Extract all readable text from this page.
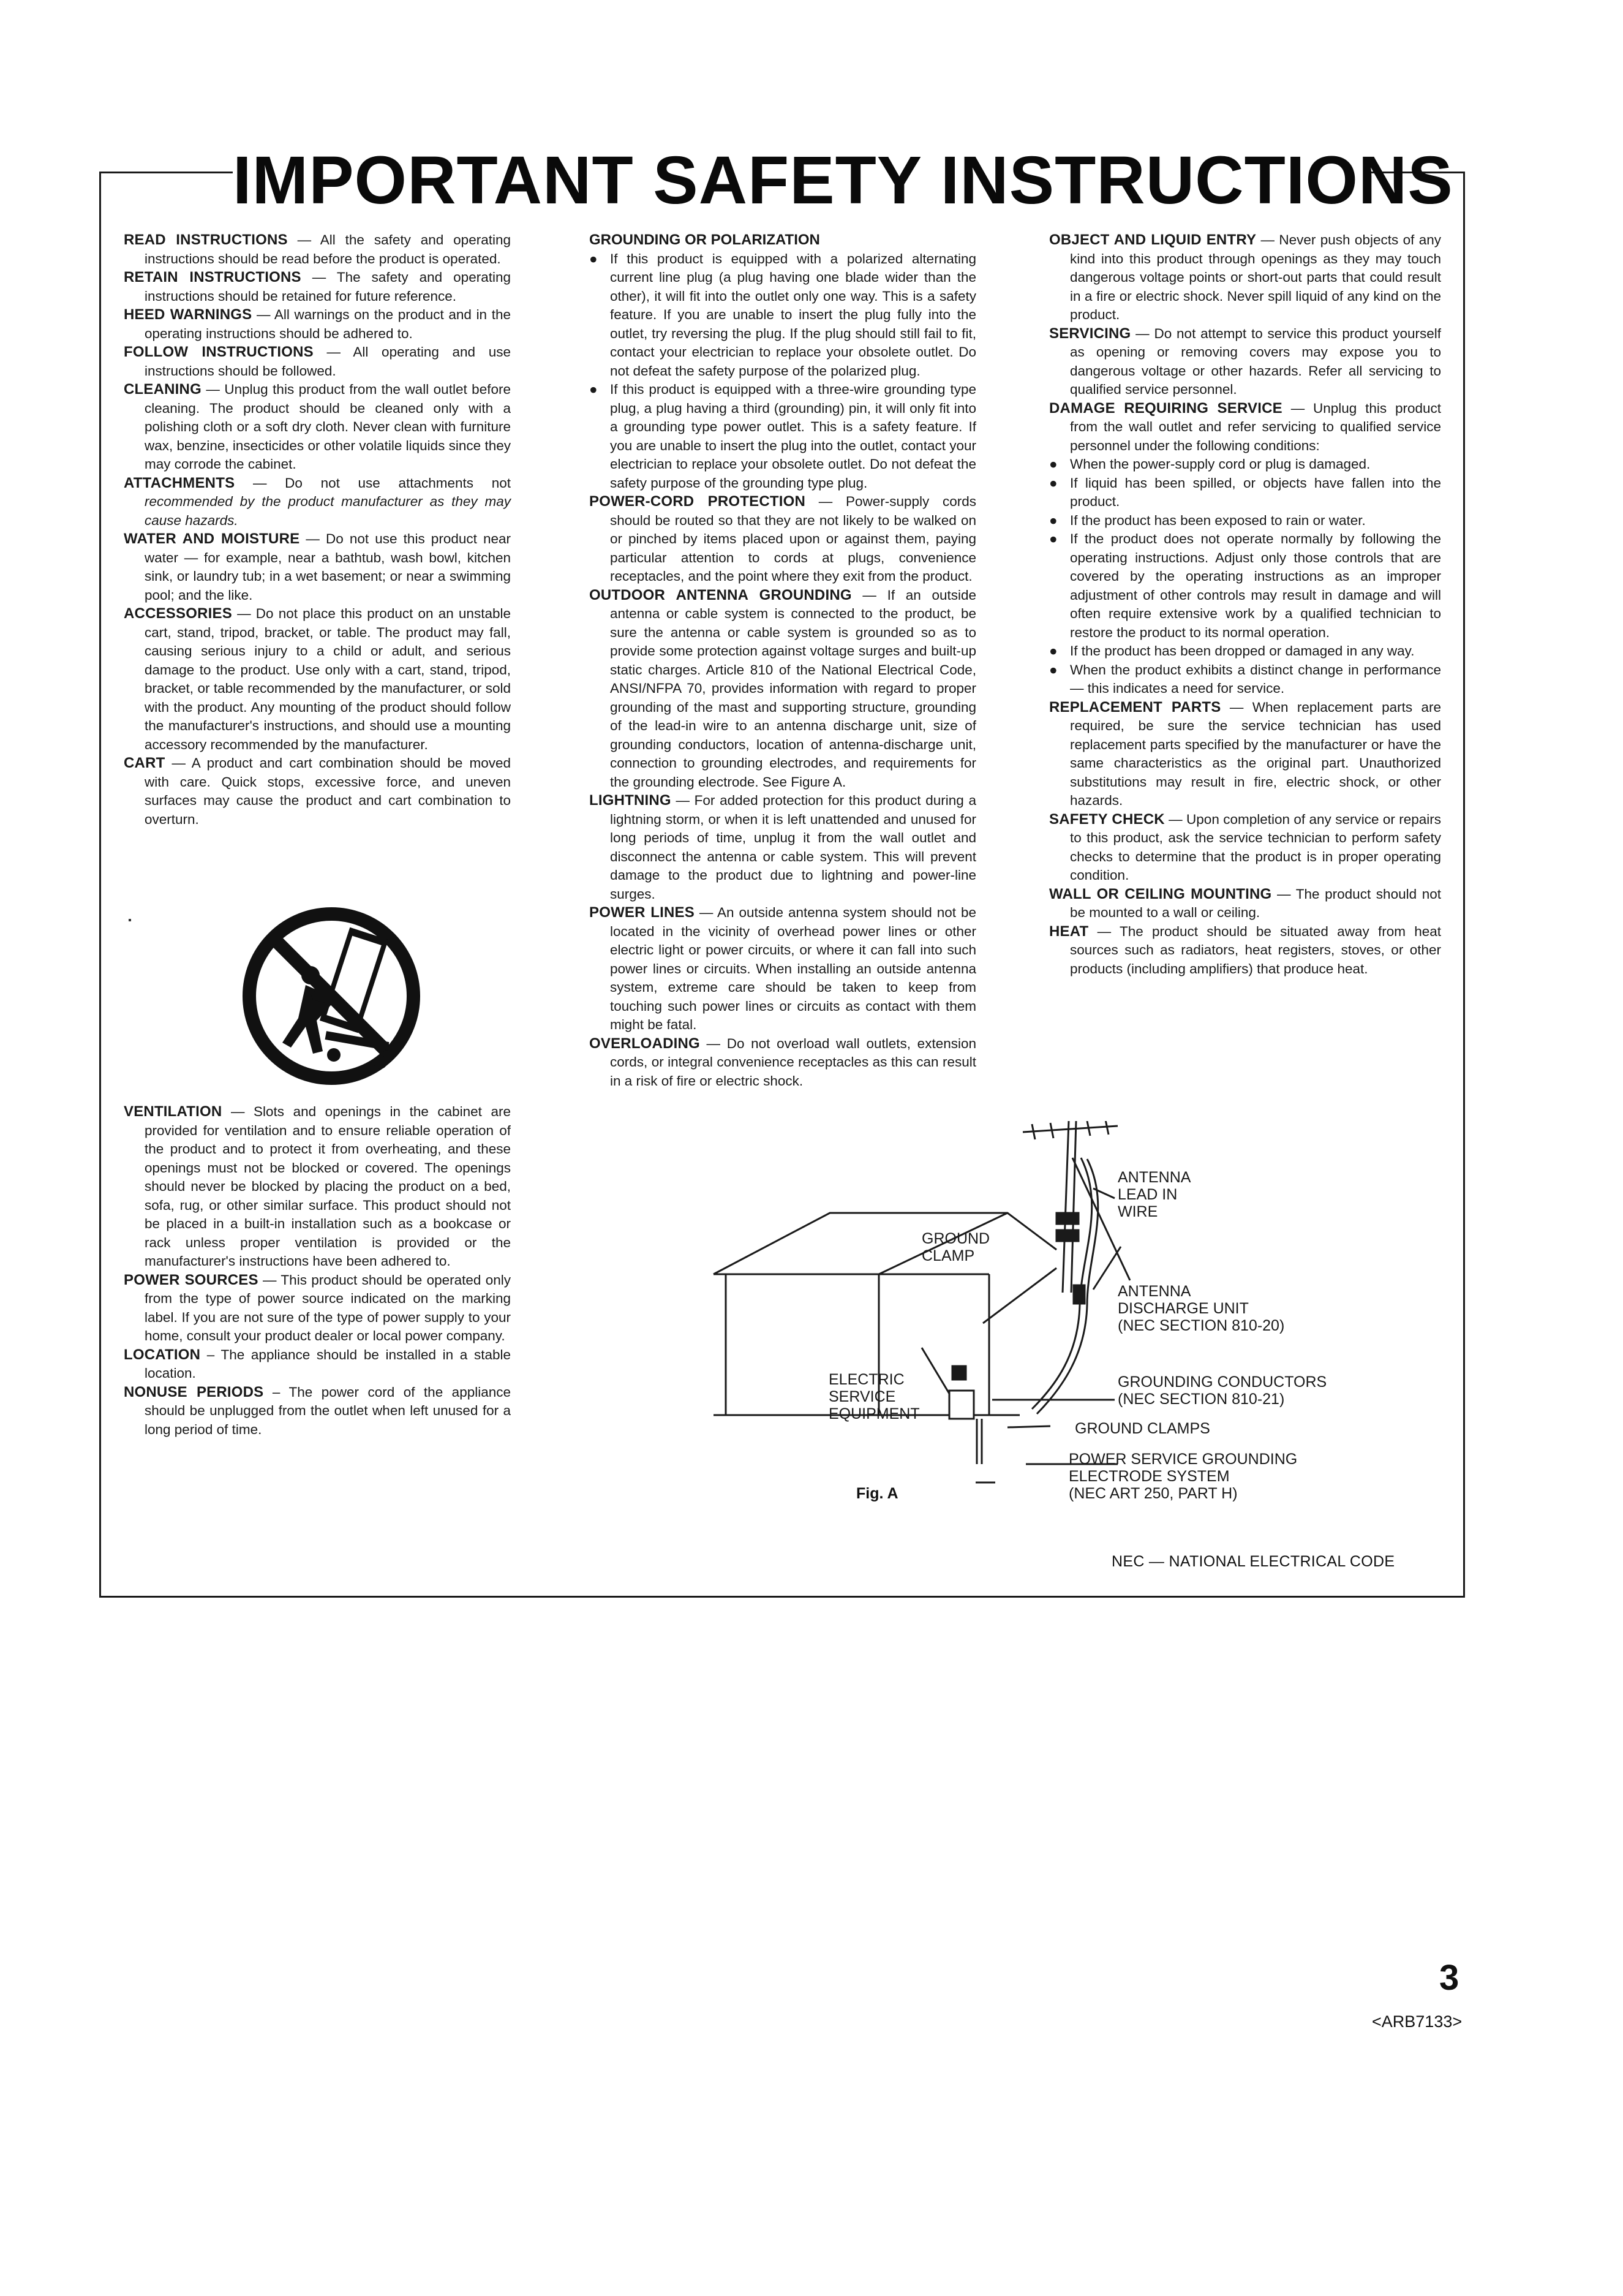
IMPORTANT SAFETY INSTRUCTIONS

READ INSTRUCTIONS — All the safety and operating instructions should be read before the product is operated.

RETAIN INSTRUCTIONS — The safety and operating instructions should be retained for future reference.

HEED WARNINGS — All warnings on the product and in the operating instructions should be adhered to.

FOLLOW INSTRUCTIONS — All operating and use instructions should be followed.

CLEANING — Unplug this product from the wall outlet before cleaning. The product should be cleaned only with a polishing cloth or a soft dry cloth. Never clean with furniture wax, benzine, insecticides or other volatile liquids since they may corrode the cabinet.

ATTACHMENTS — Do not use attachments not recommended by the product manufacturer as they may cause hazards.

WATER AND MOISTURE — Do not use this product near water — for example, near a bathtub, wash bowl, kitchen sink, or laundry tub; in a wet basement; or near a swimming pool; and the like.

ACCESSORIES — Do not place this product on an unstable cart, stand, tripod, bracket, or table. The product may fall, causing serious injury to a child or adult, and serious damage to the product. Use only with a cart, stand, tripod, bracket, or table recommended by the manufacturer, or sold with the product. Any mounting of the product should follow the manufacturer's instructions, and should use a mounting accessory recommended by the manufacturer.

CART — A product and cart combination should be moved with care. Quick stops, excessive force, and uneven surfaces may cause the product and cart combination to overturn.

VENTILATION — Slots and openings in the cabinet are provided for ventilation and to ensure reliable operation of the product and to protect it from overheating, and these openings must not be blocked or covered. The openings should never be blocked by placing the product on a bed, sofa, rug, or other similar surface. This product should not be placed in a built-in installation such as a bookcase or rack unless proper ventilation is provided or the manufacturer's instructions have been adhered to.

POWER SOURCES — This product should be operated only from the type of power source indicated on the marking label. If you are not sure of the type of power supply to your home, consult your product dealer or local power company.

LOCATION – The appliance should be installed in a stable location.

NONUSE PERIODS – The power cord of the appliance should be unplugged from the outlet when left unused for a long period of time.

GROUNDING OR POLARIZATION

● If this product is equipped with a polarized alternating current line plug (a plug having one blade wider than the other), it will fit into the outlet only one way. This is a safety feature. If you are unable to insert the plug fully into the outlet, try reversing the plug. If the plug should still fail to fit, contact your electrician to replace your obsolete outlet. Do not defeat the safety purpose of the polarized plug.

● If this product is equipped with a three-wire grounding type plug, a plug having a third (grounding) pin, it will only fit into a grounding type power outlet. This is a safety feature. If you are unable to insert the plug into the outlet, contact your electrician to replace your obsolete outlet. Do not defeat the safety purpose of the grounding type plug.

POWER-CORD PROTECTION — Power-supply cords should be routed so that they are not likely to be walked on or pinched by items placed upon or against them, paying particular attention to cords at plugs, convenience receptacles, and the point where they exit from the product.

OUTDOOR ANTENNA GROUNDING — If an outside antenna or cable system is connected to the product, be sure the antenna or cable system is grounded so as to provide some protection against voltage surges and built-up static charges. Article 810 of the National Electrical Code, ANSI/NFPA 70, provides information with regard to proper grounding of the mast and supporting structure, grounding of the lead-in wire to an antenna discharge unit, size of grounding conductors, location of antenna-discharge unit, connection to grounding electrodes, and requirements for the grounding electrode. See Figure A.

LIGHTNING — For added protection for this product during a lightning storm, or when it is left unattended and unused for long periods of time, unplug it from the wall outlet and disconnect the antenna or cable system. This will prevent damage to the product due to lightning and power-line surges.

POWER LINES — An outside antenna system should not be located in the vicinity of overhead power lines or other electric light or power circuits, or where it can fall into such power lines or circuits. When installing an outside antenna system, extreme care should be taken to keep from touching such power lines or circuits as contact with them might be fatal.

OVERLOADING — Do not overload wall outlets, extension cords, or integral convenience receptacles as this can result in a risk of fire or electric shock.

OBJECT AND LIQUID ENTRY — Never push objects of any kind into this product through openings as they may touch dangerous voltage points or short-out parts that could result in a fire or electric shock. Never spill liquid of any kind on the product.

SERVICING — Do not attempt to service this product yourself as opening or removing covers may expose you to dangerous voltage or other hazards. Refer all servicing to qualified service personnel.

DAMAGE REQUIRING SERVICE — Unplug this product from the wall outlet and refer servicing to qualified service personnel under the following conditions:

● When the power-supply cord or plug is damaged.

● If liquid has been spilled, or objects have fallen into the product.

● If the product has been exposed to rain or water.

● If the product does not operate normally by following the operating instructions. Adjust only those controls that are covered by the operating instructions as an improper adjustment of other controls may result in damage and will often require extensive work by a qualified technician to restore the product to its normal operation.

● If the product has been dropped or damaged in any way.

● When the product exhibits a distinct change in performance — this indicates a need for service.

REPLACEMENT PARTS — When replacement parts are required, be sure the service technician has used replacement parts specified by the manufacturer or have the same characteristics as the original part. Unauthorized substitutions may result in fire, electric shock, or other hazards.

SAFETY CHECK — Upon completion of any service or repairs to this product, ask the service technician to perform safety checks to determine that the product is in proper operating condition.

WALL OR CEILING MOUNTING — The product should not be mounted to a wall or ceiling.

HEAT — The product should be situated away from heat sources such as radiators, heat registers, stoves, or other products (including amplifiers) that produce heat.

ANTENNA
LEAD IN
WIRE
GROUND
CLAMP
ANTENNA
DISCHARGE UNIT
(NEC SECTION 810-20)
ELECTRIC
SERVICE
EQUIPMENT
GROUNDING CONDUCTORS
(NEC SECTION 810-21)
GROUND CLAMPS
POWER SERVICE GROUNDING
ELECTRODE SYSTEM
(NEC ART 250, PART H)
Fig. A
NEC — NATIONAL ELECTRICAL CODE
3
<ARB7133>
